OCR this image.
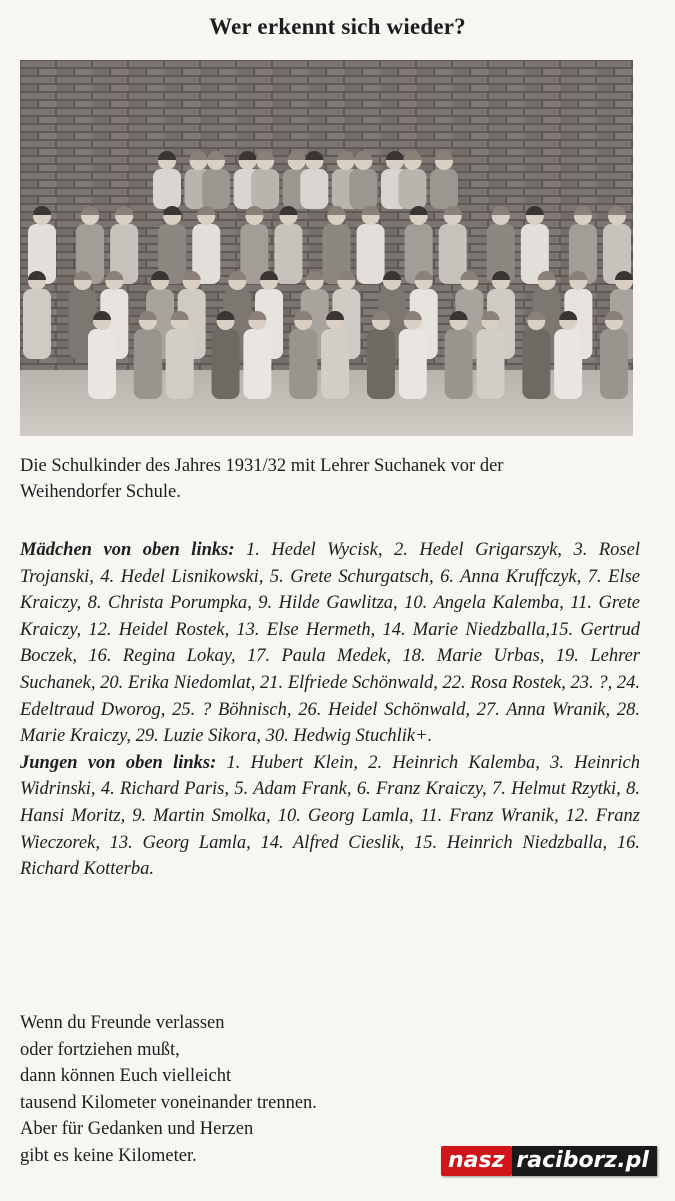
Wer erkennt sich wieder?
Die Schulkinder des Jahres 1931/32 mit Lehrer Suchanek vor der
Weihendorfer Schule.
Mädchen von oben links: 1. Hedel Wycisk, 2. Hedel Grigarszyk, 3. Rosel Trojanski, 4. Hedel Lisnikowski, 5. Grete Schurgatsch, 6. Anna Kruffczyk, 7. Else Kraiczy, 8. Christa Porumpka, 9. Hilde Gawlitza, 10. Angela Kalemba, 11. Grete Kraiczy, 12. Heidel Rostek, 13. Else Hermeth, 14. Marie Niedzballa,15. Gertrud Boczek, 16. Regina Lokay, 17. Paula Medek, 18. Marie Urbas, 19. Lehrer Suchanek, 20. Erika Niedomlat, 21. Elfriede Schönwald, 22. Rosa Rostek, 23. ?, 24. Edeltraud Dworog, 25. ? Böhnisch, 26. Heidel Schönwald, 27. Anna Wranik, 28. Marie Kraiczy, 29. Luzie Sikora, 30. Hedwig Stuchlik+.
Jungen von oben links: 1. Hubert Klein, 2. Heinrich Kalemba, 3. Heinrich Widrinski, 4. Richard Paris, 5. Adam Frank, 6. Franz Kraiczy, 7. Helmut Rzytki, 8. Hansi Moritz, 9. Martin Smolka, 10. Georg Lamla, 11. Franz Wranik, 12. Franz Wieczorek, 13. Georg Lamla, 14. Alfred Cieslik, 15. Heinrich Niedzballa, 16. Richard Kotterba.
Wenn du Freunde verlassen
oder fortziehen mußt,
dann können Euch vielleicht
tausend Kilometer voneinander trennen.
Aber für Gedanken und Herzen
gibt es keine Kilometer.	nasz raciborz.pl
